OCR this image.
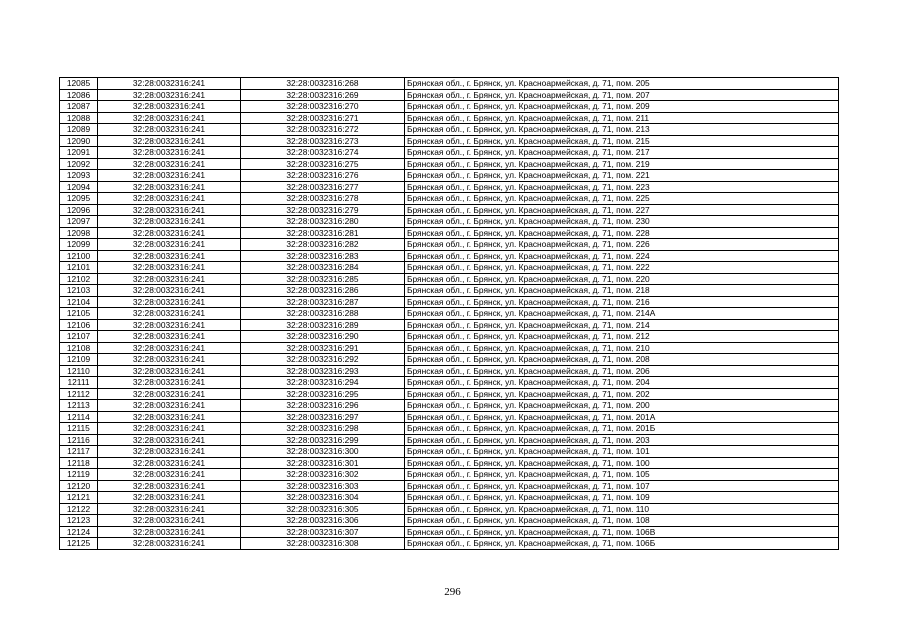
12085	32:28:0032316:241	32:28:0032316:268	Брянская обл., г. Брянск, ул. Красноармейская, д. 71, пом. 205
12086	32:28:0032316:241	32:28:0032316:269	Брянская обл., г. Брянск, ул. Красноармейская, д. 71, пом. 207
12087	32:28:0032316:241	32:28:0032316:270	Брянская обл., г. Брянск, ул. Красноармейская, д. 71, пом. 209
12088	32:28:0032316:241	32:28:0032316:271	Брянская обл., г. Брянск, ул. Красноармейская, д. 71, пом. 211
12089	32:28:0032316:241	32:28:0032316:272	Брянская обл., г. Брянск, ул. Красноармейская, д. 71, пом. 213
12090	32:28:0032316:241	32:28:0032316:273	Брянская обл., г. Брянск, ул. Красноармейская, д. 71, пом. 215
12091	32:28:0032316:241	32:28:0032316:274	Брянская обл., г. Брянск, ул. Красноармейская, д. 71, пом. 217
12092	32:28:0032316:241	32:28:0032316:275	Брянская обл., г. Брянск, ул. Красноармейская, д. 71, пом. 219
12093	32:28:0032316:241	32:28:0032316:276	Брянская обл., г. Брянск, ул. Красноармейская, д. 71, пом. 221
12094	32:28:0032316:241	32:28:0032316:277	Брянская обл., г. Брянск, ул. Красноармейская, д. 71, пом. 223
12095	32:28:0032316:241	32:28:0032316:278	Брянская обл., г. Брянск, ул. Красноармейская, д. 71, пом. 225
12096	32:28:0032316:241	32:28:0032316:279	Брянская обл., г. Брянск, ул. Красноармейская, д. 71, пом. 227
12097	32:28:0032316:241	32:28:0032316:280	Брянская обл., г. Брянск, ул. Красноармейская, д. 71, пом. 230
12098	32:28:0032316:241	32:28:0032316:281	Брянская обл., г. Брянск, ул. Красноармейская, д. 71, пом. 228
12099	32:28:0032316:241	32:28:0032316:282	Брянская обл., г. Брянск, ул. Красноармейская, д. 71, пом. 226
12100	32:28:0032316:241	32:28:0032316:283	Брянская обл., г. Брянск, ул. Красноармейская, д. 71, пом. 224
12101	32:28:0032316:241	32:28:0032316:284	Брянская обл., г. Брянск, ул. Красноармейская, д. 71, пом. 222
12102	32:28:0032316:241	32:28:0032316:285	Брянская обл., г. Брянск, ул. Красноармейская, д. 71, пом. 220
12103	32:28:0032316:241	32:28:0032316:286	Брянская обл., г. Брянск, ул. Красноармейская, д. 71, пом. 218
12104	32:28:0032316:241	32:28:0032316:287	Брянская обл., г. Брянск, ул. Красноармейская, д. 71, пом. 216
12105	32:28:0032316:241	32:28:0032316:288	Брянская обл., г. Брянск, ул. Красноармейская, д. 71, пом. 214А
12106	32:28:0032316:241	32:28:0032316:289	Брянская обл., г. Брянск, ул. Красноармейская, д. 71, пом. 214
12107	32:28:0032316:241	32:28:0032316:290	Брянская обл., г. Брянск, ул. Красноармейская, д. 71, пом. 212
12108	32:28:0032316:241	32:28:0032316:291	Брянская обл., г. Брянск, ул. Красноармейская, д. 71, пом. 210
12109	32:28:0032316:241	32:28:0032316:292	Брянская обл., г. Брянск, ул. Красноармейская, д. 71, пом. 208
12110	32:28:0032316:241	32:28:0032316:293	Брянская обл., г. Брянск, ул. Красноармейская, д. 71, пом. 206
12111	32:28:0032316:241	32:28:0032316:294	Брянская обл., г. Брянск, ул. Красноармейская, д. 71, пом. 204
12112	32:28:0032316:241	32:28:0032316:295	Брянская обл., г. Брянск, ул. Красноармейская, д. 71, пом. 202
12113	32:28:0032316:241	32:28:0032316:296	Брянская обл., г. Брянск, ул. Красноармейская, д. 71, пом. 200
12114	32:28:0032316:241	32:28:0032316:297	Брянская обл., г. Брянск, ул. Красноармейская, д. 71, пом. 201А
12115	32:28:0032316:241	32:28:0032316:298	Брянская обл., г. Брянск, ул. Красноармейская, д. 71, пом. 201Б
12116	32:28:0032316:241	32:28:0032316:299	Брянская обл., г. Брянск, ул. Красноармейская, д. 71, пом. 203
12117	32:28:0032316:241	32:28:0032316:300	Брянская обл., г. Брянск, ул. Красноармейская, д. 71, пом. 101
12118	32:28:0032316:241	32:28:0032316:301	Брянская обл., г. Брянск, ул. Красноармейская, д. 71, пом. 100
12119	32:28:0032316:241	32:28:0032316:302	Брянская обл., г. Брянск, ул. Красноармейская, д. 71, пом. 105
12120	32:28:0032316:241	32:28:0032316:303	Брянская обл., г. Брянск, ул. Красноармейская, д. 71, пом. 107
12121	32:28:0032316:241	32:28:0032316:304	Брянская обл., г. Брянск, ул. Красноармейская, д. 71, пом. 109
12122	32:28:0032316:241	32:28:0032316:305	Брянская обл., г. Брянск, ул. Красноармейская, д. 71, пом. 110
12123	32:28:0032316:241	32:28:0032316:306	Брянская обл., г. Брянск, ул. Красноармейская, д. 71, пом. 108
12124	32:28:0032316:241	32:28:0032316:307	Брянская обл., г. Брянск, ул. Красноармейская, д. 71, пом. 106В
12125	32:28:0032316:241	32:28:0032316:308	Брянская обл., г. Брянск, ул. Красноармейская, д. 71, пом. 106Б
296
